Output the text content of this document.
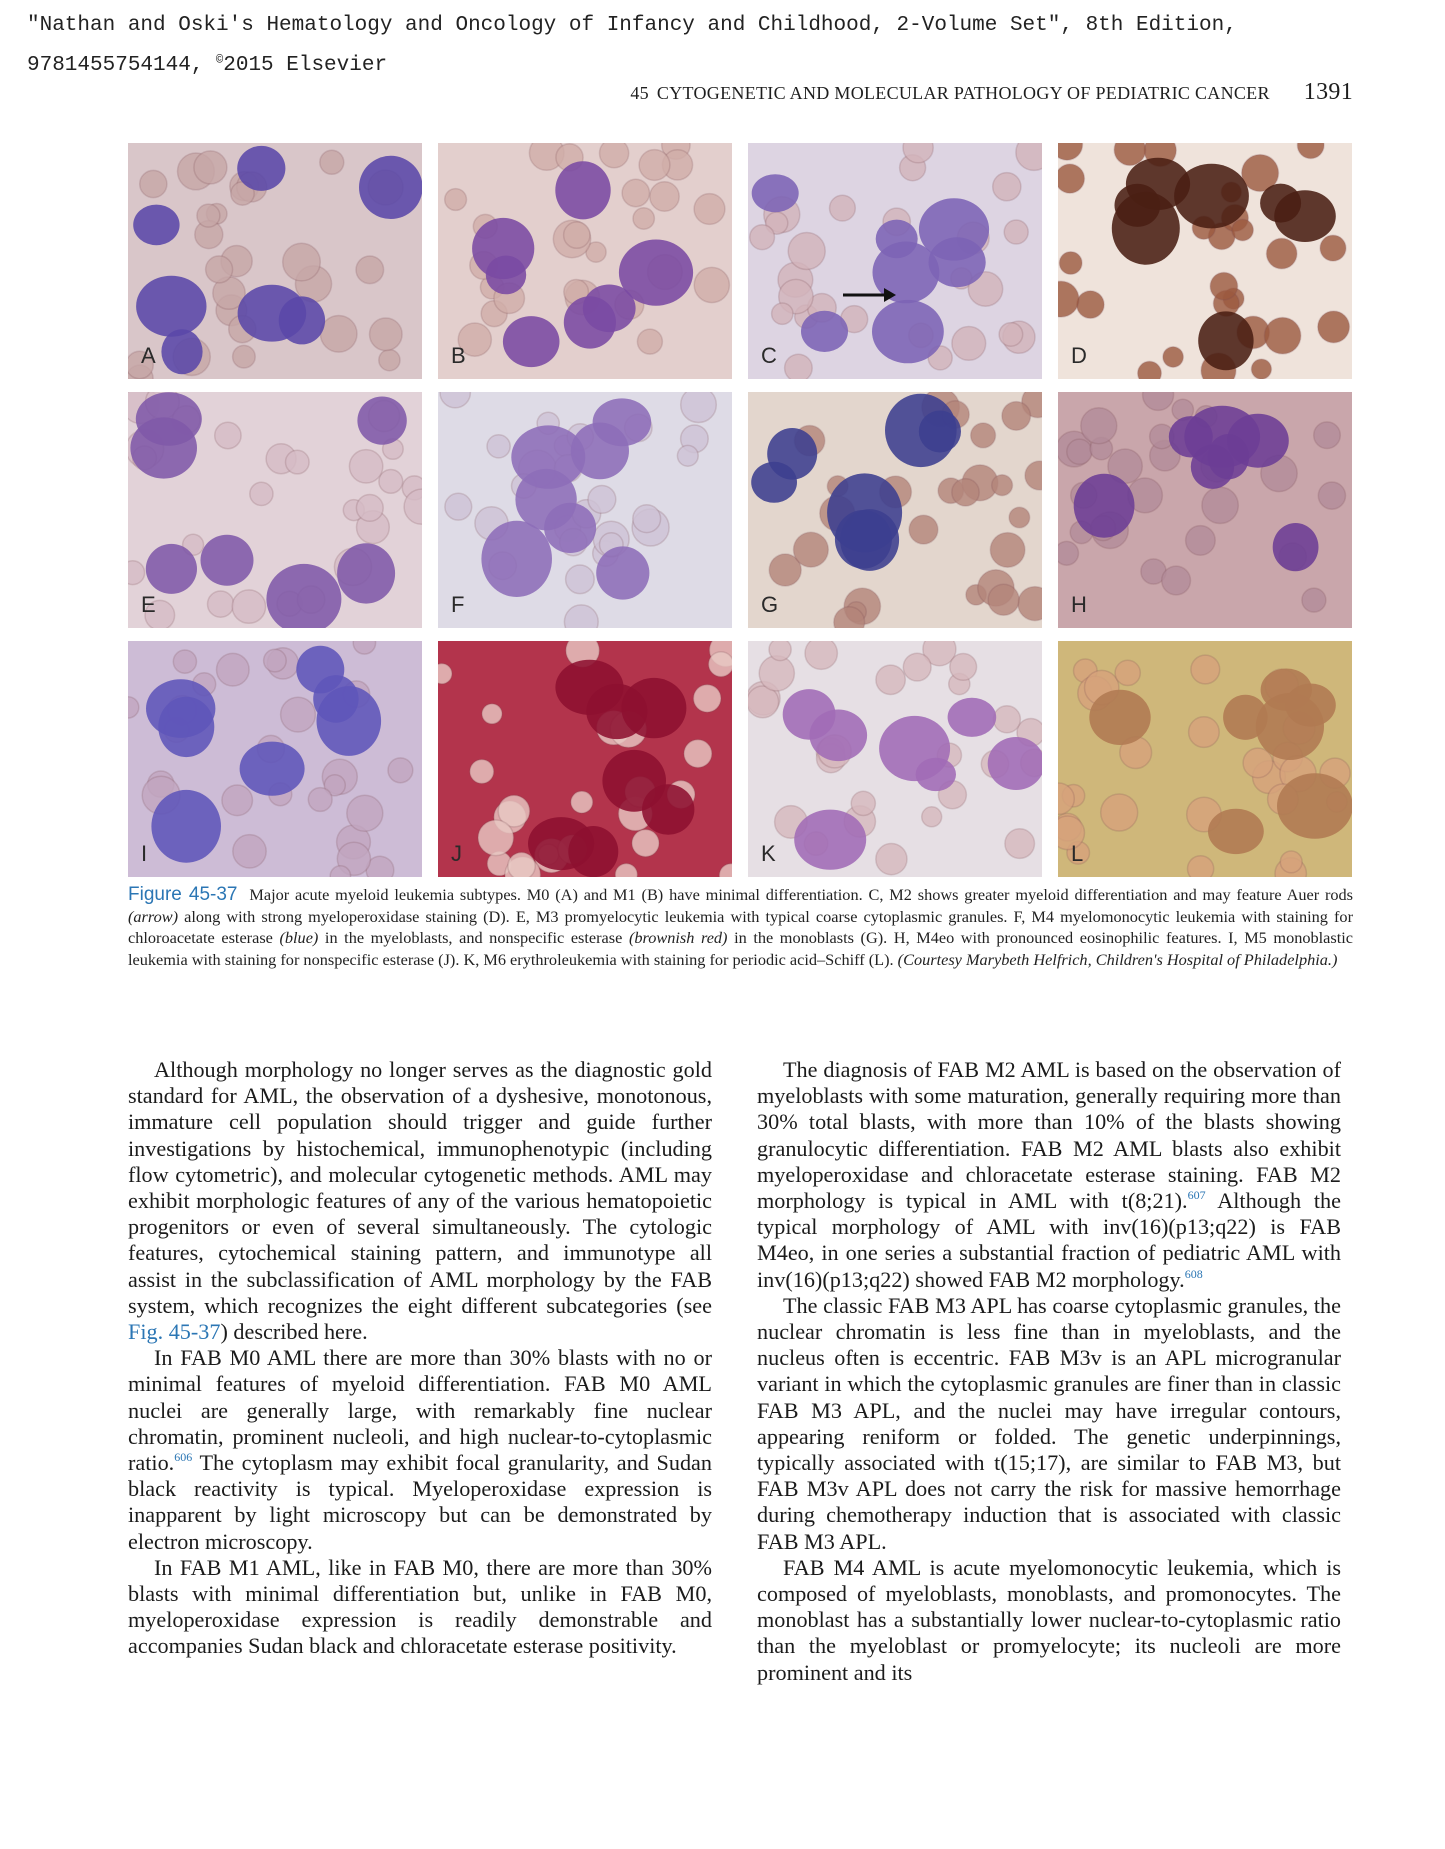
"Nathan and Oski's Hematology and Oncology of Infancy and Childhood, 2-Volume Set", 8th Edition,
9781455754144, ©2015 Elsevier
45 CYTOGENETIC AND MOLECULAR PATHOLOGY OF PEDIATRIC CANCER 1391
A	B	C	D
E	F	G	H
I	J	K	L
Figure 45-37 Major acute myeloid leukemia subtypes. M0 (A) and M1 (B) have minimal differentiation. C, M2 shows greater myeloid differentiation and may feature Auer rods (arrow) along with strong myeloperoxidase staining (D). E, M3 promyelocytic leukemia with typical coarse cytoplasmic granules. F, M4 myelomonocytic leukemia with staining for chloroacetate esterase (blue) in the myeloblasts, and nonspecific esterase (brownish red) in the monoblasts (G). H, M4eo with pronounced eosinophilic features. I, M5 monoblastic leukemia with staining for nonspecific esterase (J). K, M6 erythroleukemia with staining for periodic acid–Schiff (L). (Courtesy Marybeth Helfrich, Children's Hospital of Philadelphia.)

Although morphology no longer serves as the diagnostic gold standard for AML, the observation of a dyshesive, monotonous, immature cell population should trigger and guide further investigations by histochemical, immunophenotypic (including flow cytometric), and molecular cytogenetic methods. AML may exhibit morphologic features of any of the various hematopoietic progenitors or even of several simultaneously. The cytologic features, cytochemical staining pattern, and immunotype all assist in the subclassification of AML morphology by the FAB system, which recognizes the eight different subcategories (see Fig. 45-37) described here.

In FAB M0 AML there are more than 30% blasts with no or minimal features of myeloid differentiation. FAB M0 AML nuclei are generally large, with remarkably fine nuclear chromatin, prominent nucleoli, and high nuclear-to-cytoplasmic ratio.$^{606}$ The cytoplasm may exhibit focal granularity, and Sudan black reactivity is typical. Myeloperoxidase expression is inapparent by light microscopy but can be demonstrated by electron microscopy.

In FAB M1 AML, like in FAB M0, there are more than 30% blasts with minimal differentiation but, unlike in FAB M0, myeloperoxidase expression is readily demonstrable and accompanies Sudan black and chloracetate esterase positivity.

The diagnosis of FAB M2 AML is based on the observation of myeloblasts with some maturation, generally requiring more than 30% total blasts, with more than 10% of the blasts showing granulocytic differentiation. FAB M2 AML blasts also exhibit myeloperoxidase and chloracetate esterase staining. FAB M2 morphology is typical in AML with t(8;21).$^{607}$ Although the typical morphology of AML with inv(16)(p13;q22) is FAB M4eo, in one series a substantial fraction of pediatric AML with inv(16)(p13;q22) showed FAB M2 morphology.$^{608}$

The classic FAB M3 APL has coarse cytoplasmic granules, the nuclear chromatin is less fine than in myeloblasts, and the nucleus often is eccentric. FAB M3v is an APL microgranular variant in which the cytoplasmic granules are finer than in classic FAB M3 APL, and the nuclei may have irregular contours, appearing reniform or folded. The genetic underpinnings, typically associated with t(15;17), are similar to FAB M3, but FAB M3v APL does not carry the risk for massive hemorrhage during chemotherapy induction that is associated with classic FAB M3 APL.

FAB M4 AML is acute myelomonocytic leukemia, which is composed of myeloblasts, monoblasts, and promonocytes. The monoblast has a substantially lower nuclear-to-cytoplasmic ratio than the myeloblast or promyelocyte; its nucleoli are more prominent and its
